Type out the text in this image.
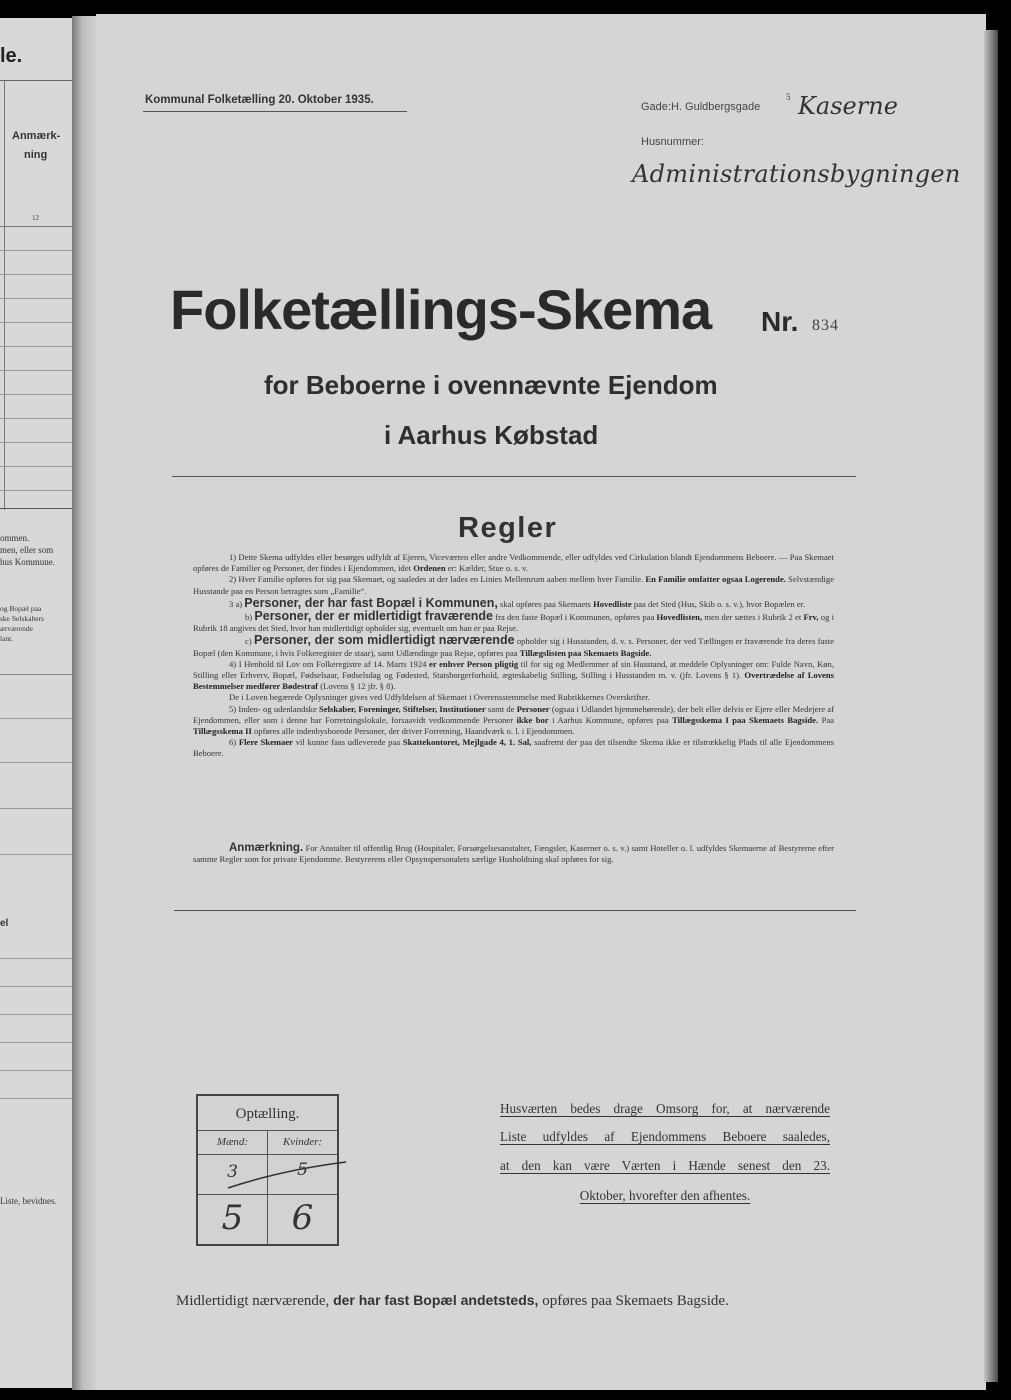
le.
Anmærk-
ning
12
ommen.
men, eller som
hus Kommune.
og Bopæl paa
ske Selskabers
ærværende
lant.
el
Liste, bevidnes.
Kommunal Folketælling 20. Oktober 1935.
Gade:H. Guldbergsgade
5 Kaserne
Husnummer:
Administrationsbygningen
Folketællings-Skema Nr. 834
for Beboerne i ovennævnte Ejendom
i Aarhus Købstad
Regler

1) Dette Skema udfyldes eller besørges udfyldt af Ejeren, Viceværten eller andre Vedkommende, eller udfyldes ved Cirkulation blandt Ejendommens Beboere. — Paa Skemaet opføres de Familier og Personer, der findes i Ejendommen, idet Ordenen er: Kælder, Stue o. s. v.

2) Hver Familie opføres for sig paa Skemaet, og saaledes at der lades en Linies Mellemrum aaben mellem hver Familie. En Familie omfatter ogsaa Logerende. Selvstændige Husstande paa en Person betragtes som „Familie“.

3 a) Personer, der har fast Bopæl i Kommunen, skal opføres paa Skemaets Hovedliste paa det Sted (Hus, Skib o. s. v.), hvor Bopælen er.

b) Personer, der er midlertidigt fraværende fra den faste Bopæl i Kommunen, opføres paa Hovedlisten, men der sættes i Rubrik 2 et Frv, og i Rubrik 18 angives det Sted, hvor han midlertidigt opholder sig, eventuelt om han er paa Rejse.

c) Personer, der som midlertidigt nærværende opholder sig i Husstanden, d. v. s. Personer, der ved Tællingen er fraværende fra deres faste Bopæl (den Kommune, i hvis Folkeregister de staar), samt Udlændinge paa Rejse, opføres paa Tillægslisten paa Skemaets Bagside.

4) I Henhold til Lov om Folkeregistre af 14. Marts 1924 er enhver Person pligtig til for sig og Medlemmer af sin Husstand, at meddele Oplysninger om: Fulde Navn, Køn, Stilling eller Erhverv, Bopæl, Fødselsaar, Fødselsdag og Fødested, Statsborgerforhold, ægteskabelig Stilling, Stilling i Husstanden m. v. (jfr. Lovens § 1). Overtrædelse af Lovens Bestemmelser medfører Bødestraf (Lovens § 12 jfr. § 8).

De i Loven begærede Oplysninger gives ved Udfyldelsen af Skemaet i Overensstemmelse med Rubrikkernes Overskrifter.

5) Inden- og udenlandske Selskaber, Foreninger, Stiftelser, Institutioner samt de Personer (ogsaa i Udlandet hjemmehørende), der helt eller delvis er Ejere eller Medejere af Ejendommen, eller som i denne har Forretningslokale, forsaavidt vedkommende Personer ikke bor i Aarhus Kommune, opføres paa Tillægsskema I paa Skemaets Bagside. Paa Tillægsskema II opføres alle indenbysboende Personer, der driver Forretning, Haandværk o. l. i Ejendommen.

6) Flere Skemaer vil kunne faas udleverede paa Skattekontoret, Mejlgade 4, 1. Sal, saafremt der paa det tilsendte Skema ikke er tilstrækkelig Plads til alle Ejendommens Beboere.

Anmærkning. For Anstalter til offentlig Brug (Hospitaler, Forsørgelsesanstalter, Fængsler, Kaserner o. s. v.) samt Hoteller o. l. udfyldes Skemaerne af Bestyrerne efter samme Regler som for private Ejendomme. Bestyrerens eller Opsynspersonalets særlige Husholdning skal opføres for sig.

Optælling.
Mænd:	Kvinder:
3	5
5	6
Husværten bedes drage Omsorg for, at nærværende
Liste udfyldes af Ejendommens Beboere saaledes,
at den kan være Værten i Hænde senest den 23.
Oktober, hvorefter den afhentes.
Midlertidigt nærværende, der har fast Bopæl andetsteds, opføres paa Skemaets Bagside.
